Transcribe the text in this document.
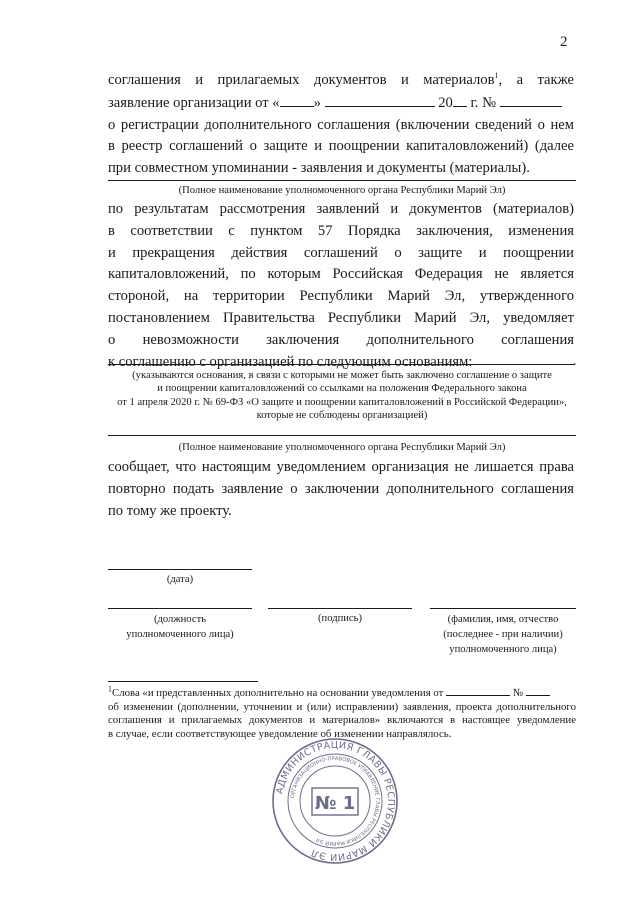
2
соглашения и прилагаемых документов и материалов$^1$, а также
заявление организации от « »	20 г. №
о регистрации дополнительного соглашения (включении сведений о нем
в реестр соглашений о защите и поощрении капиталовложений) (далее
при совместном упоминании - заявления и документы (материалы).
(Полное наименование уполномоченного органа Республики Марий Эл)
по результатам рассмотрения заявлений и документов (материалов)
в соответствии с пунктом 57 Порядка заключения, изменения
и прекращения действия соглашений о защите и поощрении
капиталовложений, по которым Российская Федерация не является
стороной, на территории Республики Марий Эл, утвержденного
постановлением Правительства Республики Марий Эл, уведомляет
о невозможности заключения дополнительного соглашения
к соглашению с организацией по следующим основаниям:	.
(указываются основания, в связи с которыми не может быть заключено соглашение о защите
и поощрении капиталовложений со ссылками на положения Федерального закона
от 1 апреля 2020 г. № 69-ФЗ «О защите и поощрении капиталовложений в Российской Федерации»,
которые не соблюдены организацией)
(Полное наименование уполномоченного органа Республики Марий Эл)
сообщает, что настоящим уведомлением организация не лишается права
повторно подать заявление о заключении дополнительного соглашения
по тому же проекту.
(дата)
(должность
уполномоченного лица)
(подпись)	(фамилия, имя, отчество
(последнее - при наличии)
уполномоченного лица)
$^1$Слова «и представленных дополнительно на основании уведомления от	№
об изменении (дополнении, уточнении и (или) исправлении) заявления, проекта дополнительного
соглашения и прилагаемых документов и материалов» включаются в настоящее уведомление
в случае, если соответствующее уведомление об изменении направлялось.
АДМИНИСТРАЦИЯ ГЛАВЫ РЕСПУБЛИКИ МАРИЙ ЭЛ
ОРГАНИЗАЦИОННО-ПРАВОВОЕ УПРАВЛЕНИЕ ГЛАВЫ РЕСПУБЛИКИ МАРИЙ ЭЛ
№ 1
